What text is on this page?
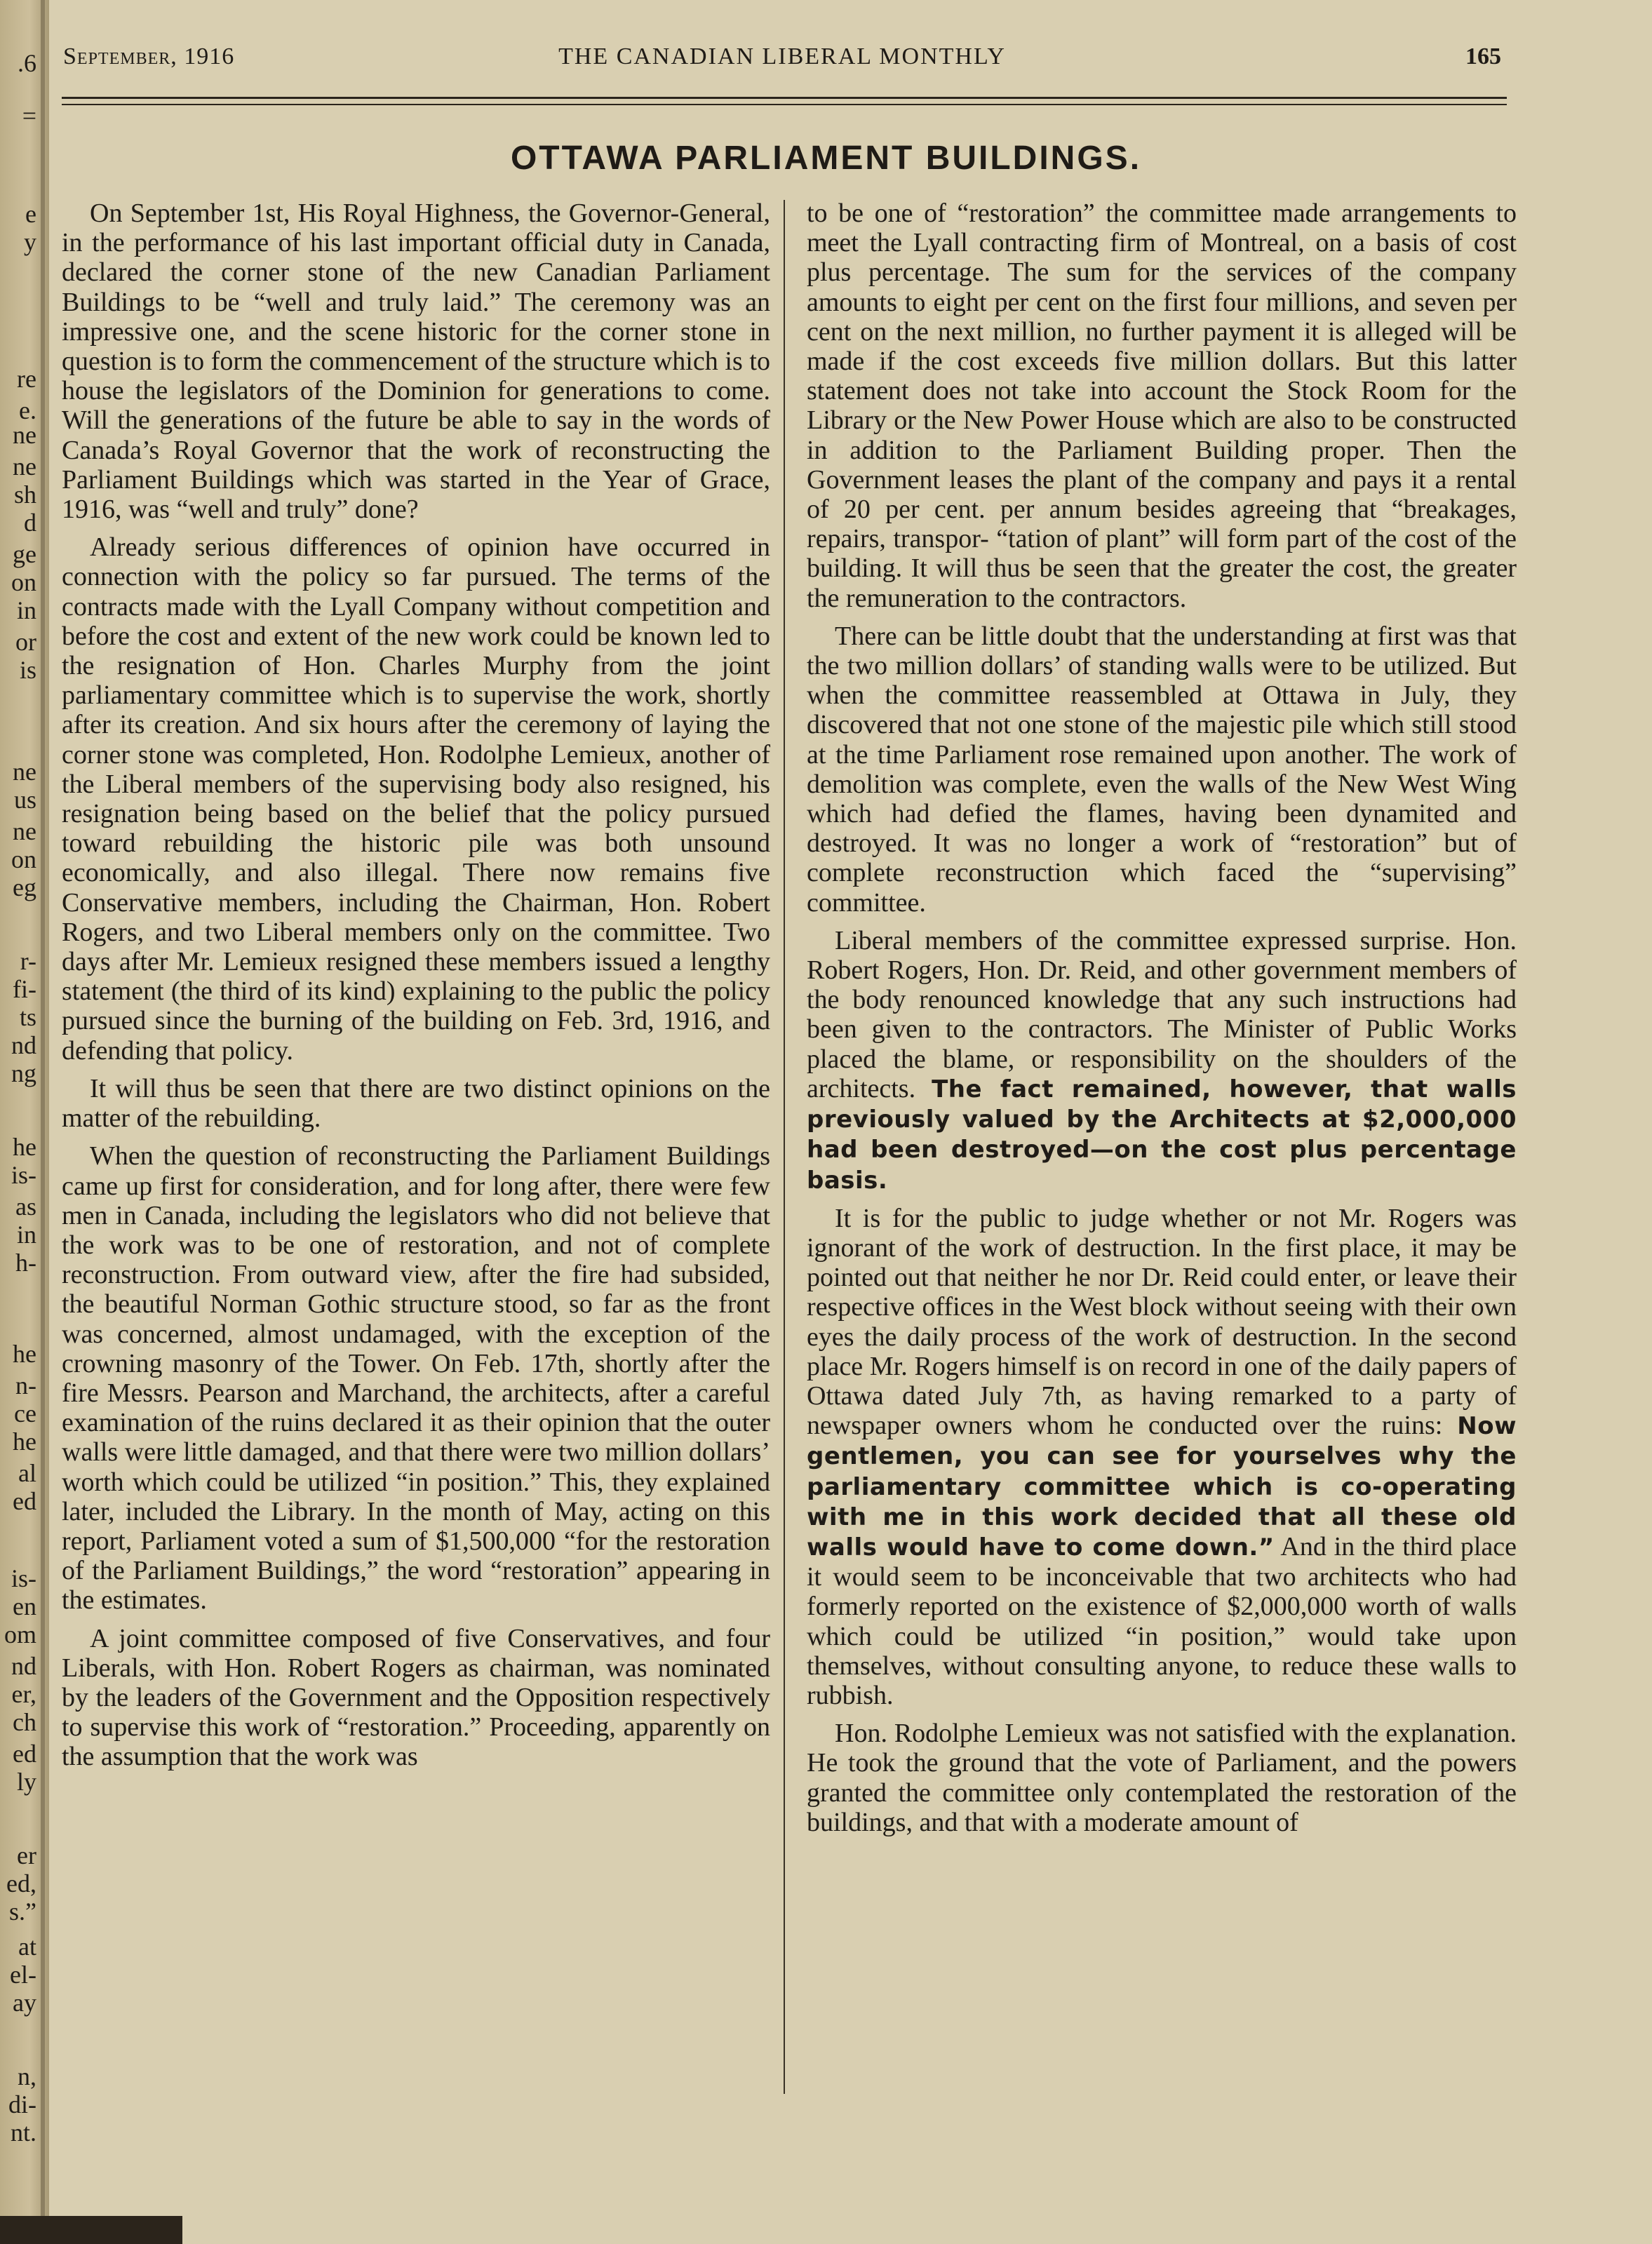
.6
=
e
y
re
e.
ne
ne
sh
d
ge
on
in
or
is
ne
us
ne
on
eg
r-
fi-
ts
nd
ng
he
is-
as
in
h-
he
n-
ce
he
al
ed
is-
en
om
nd
er,
ch
ed
ly
er
ed,
s.”
at
el-
ay
n,
di-
nt.
September, 1916	THE CANADIAN LIBERAL MONTHLY	165
OTTAWA PARLIAMENT BUILDINGS.

On September 1st, His Royal Highness, the Governor-General, in the performance of his last important official duty in Canada, declared the corner stone of the new Canadian Parliament Buildings to be “well and truly laid.” The ceremony was an impressive one, and the scene historic for the corner stone in question is to form the commencement of the structure which is to house the legislators of the Dominion for generations to come. Will the generations of the future be able to say in the words of Canada’s Royal Governor that the work of reconstructing the Parliament Buildings which was started in the Year of Grace, 1916, was “well and truly” done?

Already serious differences of opinion have occurred in connection with the policy so far pursued. The terms of the contracts made with the Lyall Company without competition and before the cost and extent of the new work could be known led to the resignation of Hon. Charles Murphy from the joint parliamentary committee which is to supervise the work, shortly after its creation. And six hours after the ceremony of laying the corner stone was completed, Hon. Rodolphe Lemieux, another of the Liberal members of the supervising body also resigned, his resignation being based on the belief that the policy pursued toward rebuilding the historic pile was both unsound economically, and also illegal. There now remains five Conservative members, including the Chairman, Hon. Robert Rogers, and two Liberal members only on the committee. Two days after Mr. Lemieux resigned these members issued a lengthy statement (the third of its kind) explaining to the public the policy pursued since the burning of the building on Feb. 3rd, 1916, and defending that policy.

It will thus be seen that there are two distinct opinions on the matter of the rebuilding.

When the question of reconstructing the Parliament Buildings came up first for consideration, and for long after, there were few men in Canada, including the legislators who did not believe that the work was to be one of restoration, and not of complete reconstruction. From outward view, after the fire had subsided, the beautiful Norman Gothic structure stood, so far as the front was concerned, almost undamaged, with the exception of the crowning masonry of the Tower. On Feb. 17th, shortly after the fire Messrs. Pearson and Marchand, the architects, after a careful examination of the ruins declared it as their opinion that the outer walls were little damaged, and that there were two million dollars’ worth which could be utilized “in position.” This, they explained later, included the Library. In the month of May, acting on this report, Parliament voted a sum of $1,500,000 “for the restoration of the Parliament Buildings,” the word “restoration” appearing in the estimates.

A joint committee composed of five Conservatives, and four Liberals, with Hon. Robert Rogers as chairman, was nominated by the leaders of the Government and the Opposition respectively to supervise this work of “restoration.” Proceeding, apparently on the assumption that the work was

to be one of “restoration” the committee made arrangements to meet the Lyall contracting firm of Montreal, on a basis of cost plus percentage. The sum for the services of the company amounts to eight per cent on the first four millions, and seven per cent on the next million, no further payment it is alleged will be made if the cost exceeds five million dollars. But this latter statement does not take into account the Stock Room for the Library or the New Power House which are also to be constructed in addition to the Parliament Building proper. Then the Government leases the plant of the company and pays it a rental of 20 per cent. per annum besides agreeing that “breakages, repairs, transpor- “tation of plant” will form part of the cost of the building. It will thus be seen that the greater the cost, the greater the remuneration to the contractors.

There can be little doubt that the understanding at first was that the two million dollars’ of standing walls were to be utilized. But when the committee reassembled at Ottawa in July, they discovered that not one stone of the majestic pile which still stood at the time Parliament rose remained upon another. The work of demolition was complete, even the walls of the New West Wing which had defied the flames, having been dynamited and destroyed. It was no longer a work of “restoration” but of complete reconstruction which faced the “supervising” committee.

Liberal members of the committee expressed surprise. Hon. Robert Rogers, Hon. Dr. Reid, and other government members of the body renounced knowledge that any such instructions had been given to the contractors. The Minister of Public Works placed the blame, or responsibility on the shoulders of the architects. The fact remained, however, that walls previously valued by the Architects at $2,000,000 had been destroyed—on the cost plus percentage basis.

It is for the public to judge whether or not Mr. Rogers was ignorant of the work of destruction. In the first place, it may be pointed out that neither he nor Dr. Reid could enter, or leave their respective offices in the West block without seeing with their own eyes the daily process of the work of destruction. In the second place Mr. Rogers himself is on record in one of the daily papers of Ottawa dated July 7th, as having remarked to a party of newspaper owners whom he conducted over the ruins: Now gentlemen, you can see for yourselves why the parliamentary committee which is co-operating with me in this work decided that all these old walls would have to come down.” And in the third place it would seem to be inconceivable that two architects who had formerly reported on the existence of $2,000,000 worth of walls which could be utilized “in position,” would take upon themselves, without consulting anyone, to reduce these walls to rubbish.

Hon. Rodolphe Lemieux was not satisfied with the explanation. He took the ground that the vote of Parliament, and the powers granted the committee only contemplated the restoration of the buildings, and that with a moderate amount of
